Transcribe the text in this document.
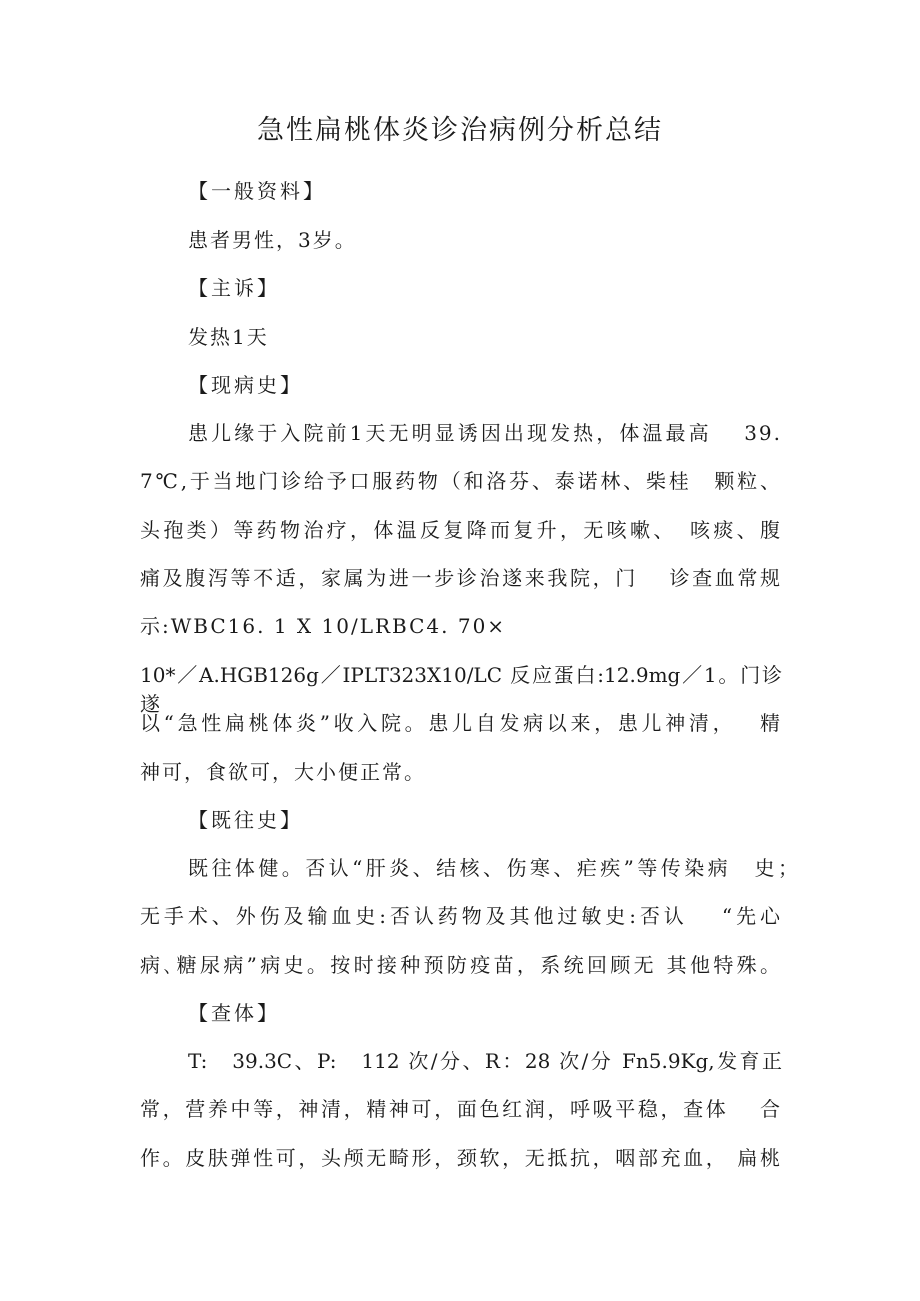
急性扁桃体炎诊治病例分析总结
【一般资料】
患者男性，3岁。
【主诉】
发热1天
【现病史】
患儿缘于入院前1天无明显诱因出现发热，体温最高　 39.
7℃,于当地门诊给予口服药物（和洛芬、泰诺林、柴桂　颗粒、
头孢类）等药物治疗，体温反复降而复升，无咳嗽、　咳痰、腹
痛及腹泻等不适，家属为进一步诊治遂来我院，门　 诊查血常规
示:WBC16. 1 X 10/LRBC4. 70×
10*／A.HGB126g／IPLT323X10/LC 反应蛋白:12.9mg／1。门诊 遂
以“急性扁桃体炎”收入院。患儿自发病以来，患儿神清，　 精
神可，食欲可，大小便正常。
【既往史】
既往体健。否认“肝炎、结核、伤寒、疟疾”等传染病　史；
无手术、外伤及输血史:否认药物及其他过敏史:否认　 “先心
病､糖尿病”病史。按时接种预防疫苗，系统回顾无 其他特殊。
【查体】
T:　39.3C、P:　112 次/分、R：28 次/分 Fn5.9Kg,发育正
常，营养中等，神清，精神可，面色红润，呼吸平稳，查体　 合
作。皮肤弹性可，头颅无畸形，颈软，无抵抗，咽部充血， 扁桃
